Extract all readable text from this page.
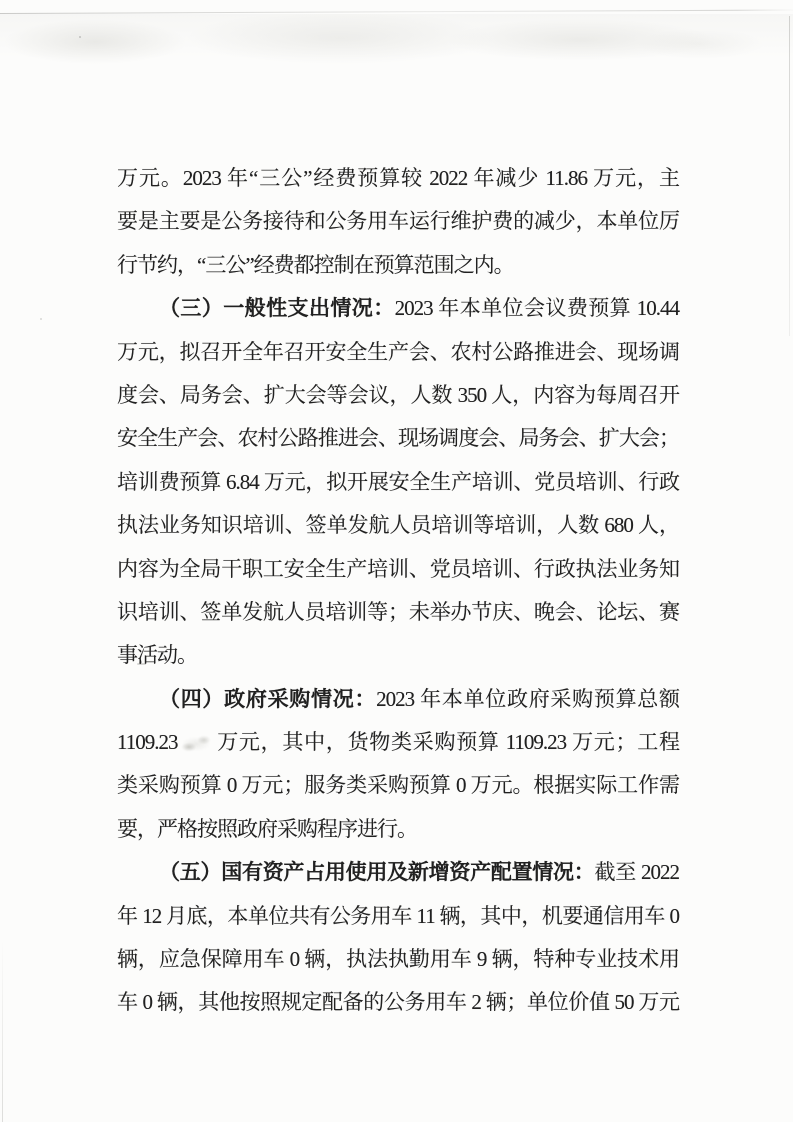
万元。2023 年“三公”经费预算较 2022 年减少 11.86 万元，主
要是主要是公务接待和公务用车运行维护费的减少，本单位厉
行节约，“三公”经费都控制在预算范围之内。
（三）一般性支出情况：2023 年本单位会议费预算 10.44
万元，拟召开全年召开安全生产会、农村公路推进会、现场调
度会、局务会、扩大会等会议，人数 350 人，内容为每周召开
安全生产会、农村公路推进会、现场调度会、局务会、扩大会；
培训费预算 6.84 万元，拟开展安全生产培训、党员培训、行政
执法业务知识培训、签单发航人员培训等培训，人数 680 人，
内容为全局干职工安全生产培训、党员培训、行政执法业务知
识培训、签单发航人员培训等；未举办节庆、晚会、论坛、赛
事活动。
（四）政府采购情况：2023 年本单位政府采购预算总额
1109.23 万元，其中，货物类采购预算 1109.23 万元；工程
类采购预算 0 万元；服务类采购预算 0 万元。根据实际工作需
要，严格按照政府采购程序进行。
（五）国有资产占用使用及新增资产配置情况：截至 2022
年 12 月底，本单位共有公务用车 11 辆，其中，机要通信用车 0
辆，应急保障用车 0 辆，执法执勤用车 9 辆，特种专业技术用
车 0 辆，其他按照规定配备的公务用车 2 辆；单位价值 50 万元
